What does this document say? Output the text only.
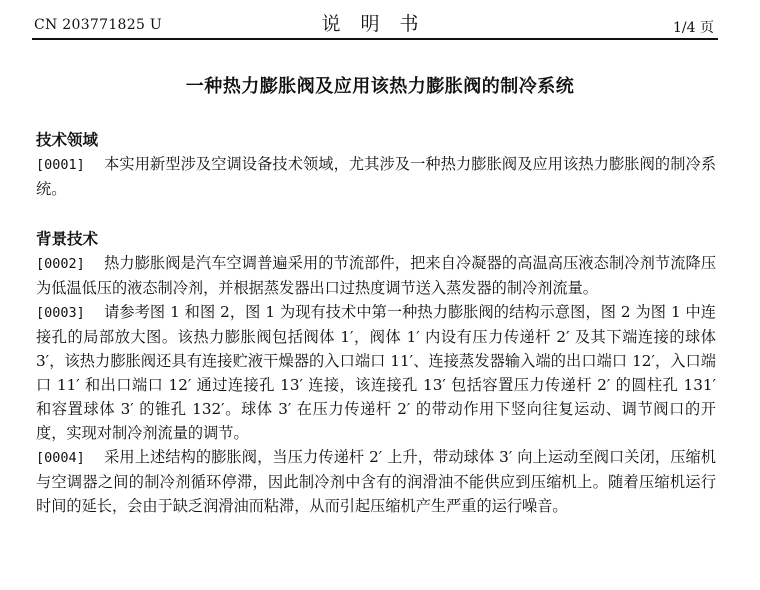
CN 203771825 U	说明书	1/4 页
一种热力膨胀阀及应用该热力膨胀阀的制冷系统
技术领域

[0001] 本实用新型涉及空调设备技术领域，尤其涉及一种热力膨胀阀及应用该热力膨胀阀的制冷系统。

背景技术

[0002] 热力膨胀阀是汽车空调普遍采用的节流部件，把来自冷凝器的高温高压液态制冷剂节流降压为低温低压的液态制冷剂，并根据蒸发器出口过热度调节送入蒸发器的制冷剂流量。

[0003] 请参考图 1 和图 2，图 1 为现有技术中第一种热力膨胀阀的结构示意图，图 2 为图 1 中连接孔的局部放大图。该热力膨胀阀包括阀体 1′，阀体 1′ 内设有压力传递杆 2′ 及其下端连接的球体 3′，该热力膨胀阀还具有连接贮液干燥器的入口端口 11′、连接蒸发器输入端的出口端口 12′，入口端口 11′ 和出口端口 12′ 通过连接孔 13′ 连接，该连接孔 13′ 包括容置压力传递杆 2′ 的圆柱孔 131′ 和容置球体 3′ 的锥孔 132′。球体 3′ 在压力传递杆 2′ 的带动作用下竖向往复运动、调节阀口的开度，实现对制冷剂流量的调节。

[0004] 采用上述结构的膨胀阀，当压力传递杆 2′ 上升，带动球体 3′ 向上运动至阀口关闭，压缩机与空调器之间的制冷剂循环停滞，因此制冷剂中含有的润滑油不能供应到压缩机上。随着压缩机运行时间的延长，会由于缺乏润滑油而粘滞，从而引起压缩机产生严重的运行噪音。
